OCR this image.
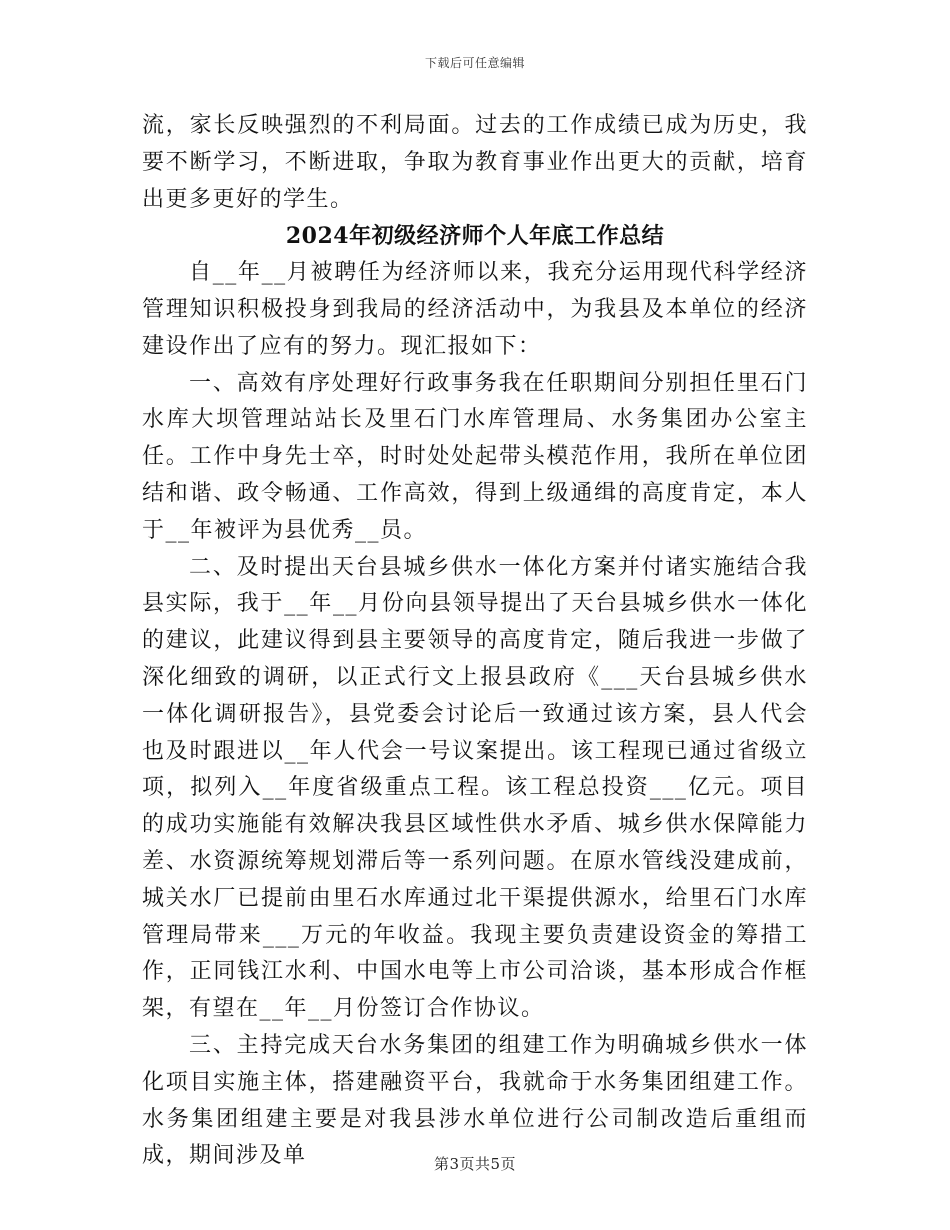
下载后可任意编辑

流，家长反映强烈的不利局面。过去的工作成绩已成为历史，我要不断学习，不断进取，争取为教育事业作出更大的贡献，培育出更多更好的学生。

2024年初级经济师个人年底工作总结

自__年__月被聘任为经济师以来，我充分运用现代科学经济管理知识积极投身到我局的经济活动中，为我县及本单位的经济建设作出了应有的努力。现汇报如下：

一、高效有序处理好行政事务我在任职期间分别担任里石门水库大坝管理站站长及里石门水库管理局、水务集团办公室主任。工作中身先士卒，时时处处起带头模范作用，我所在单位团结和谐、政令畅通、工作高效，得到上级通缉的高度肯定，本人于__年被评为县优秀__员。

二、及时提出天台县城乡供水一体化方案并付诸实施结合我县实际，我于__年__月份向县领导提出了天台县城乡供水一体化的建议，此建议得到县主要领导的高度肯定，随后我进一步做了深化细致的调研，以正式行文上报县政府《___天台县城乡供水一体化调研报告》，县党委会讨论后一致通过该方案，县人代会也及时跟进以__年人代会一号议案提出。该工程现已通过省级立项，拟列入__年度省级重点工程。该工程总投资___亿元。项目的成功实施能有效解决我县区域性供水矛盾、城乡供水保障能力差、水资源统筹规划滞后等一系列问题。在原水管线没建成前，城关水厂已提前由里石水库通过北干渠提供源水，给里石门水库管理局带来___万元的年收益。我现主要负责建设资金的筹措工作，正同钱江水利、中国水电等上市公司洽谈，基本形成合作框架，有望在__年__月份签订合作协议。

三、主持完成天台水务集团的组建工作为明确城乡供水一体化项目实施主体，搭建融资平台，我就命于水务集团组建工作。水务集团组建主要是对我县涉水单位进行公司制改造后重组而成，期间涉及单	第3页共5页
